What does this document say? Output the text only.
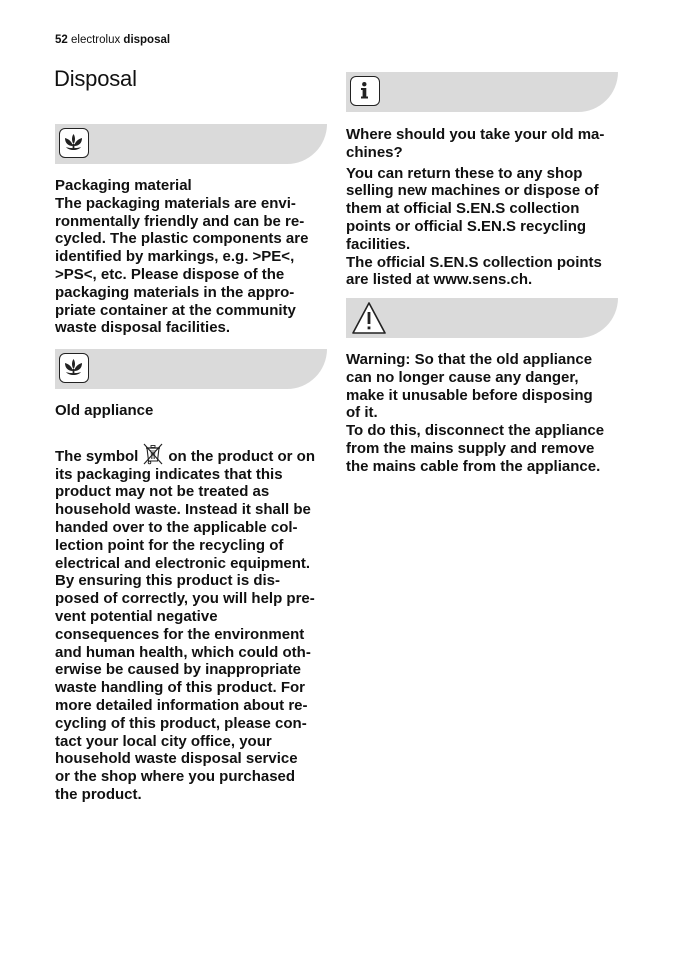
52 electrolux disposal
Disposal

Packaging material

The packaging materials are envi-

ronmentally friendly and can be re-

cycled. The plastic components are

identified by markings, e.g. >PE<,

>PS<, etc. Please dispose of the

packaging materials in the appro-

priate container at the community

waste disposal facilities.

Old appliance

The symbol on the product or on

its packaging indicates that this

product may not be treated as

household waste. Instead it shall be

handed over to the applicable col-

lection point for the recycling of

electrical and electronic equipment.

By ensuring this product is dis-

posed of correctly, you will help pre-

vent potential negative

consequences for the environment

and human health, which could oth-

erwise be caused by inappropriate

waste handling of this product. For

more detailed information about re-

cycling of this product, please con-

tact your local city office, your

household waste disposal service

or the shop where you purchased

the product.

Where should you take your old ma-

chines?

You can return these to any shop

selling new machines or dispose of

them at official S.EN.S collection

points or official S.EN.S recycling

facilities.

The official S.EN.S collection points

are listed at www.sens.ch.

Warning: So that the old appliance

can no longer cause any danger,

make it unusable before disposing

of it.

To do this, disconnect the appliance

from the mains supply and remove

the mains cable from the appliance.
